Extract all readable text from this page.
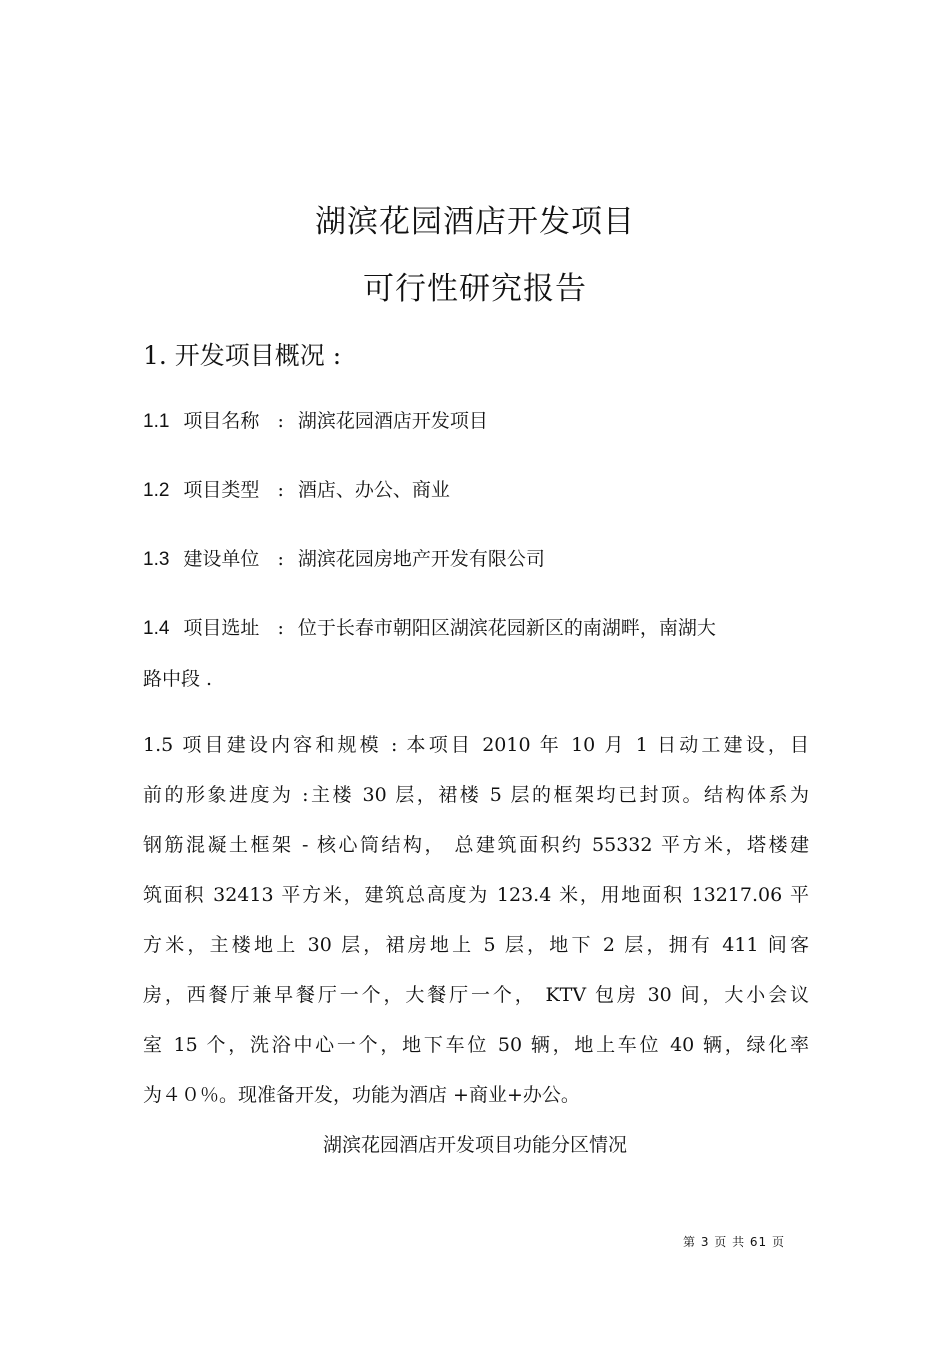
湖滨花园酒店开发项目
可行性研究报告
1. 开发项目概况 :
1.1 项目名称 : 湖滨花园酒店开发项目
1.2 项目类型 : 酒店、办公、商业
1.3 建设单位 : 湖滨花园房地产开发有限公司
1.4 项目选址 : 位于长春市朝阳区湖滨花园新区的南湖畔，南湖大
路中段 .
1.5 项目建设内容和规模 : 本项目 2010 年 10 月 1 日动工建设，目
前的形象进度为 :主楼 30 层，裙楼 5 层的框架均已封顶。结构体系为
钢筋混凝土框架 - 核心筒结构， 总建筑面积约 55332 平方米，塔楼建
筑面积 32413 平方米，建筑总高度为 123.4 米，用地面积 13217.06 平
方米，主楼地上 30 层，裙房地上 5 层，地下 2 层，拥有 411 间客
房，西餐厅兼早餐厅一个，大餐厅一个， KTV 包房 30 间，大小会议
室 15 个，洗浴中心一个，地下车位 50 辆，地上车位 40 辆，绿化率
为４０％。现准备开发，功能为酒店 +商业+办公。
湖滨花园酒店开发项目功能分区情况
第 3 页 共 61 页
